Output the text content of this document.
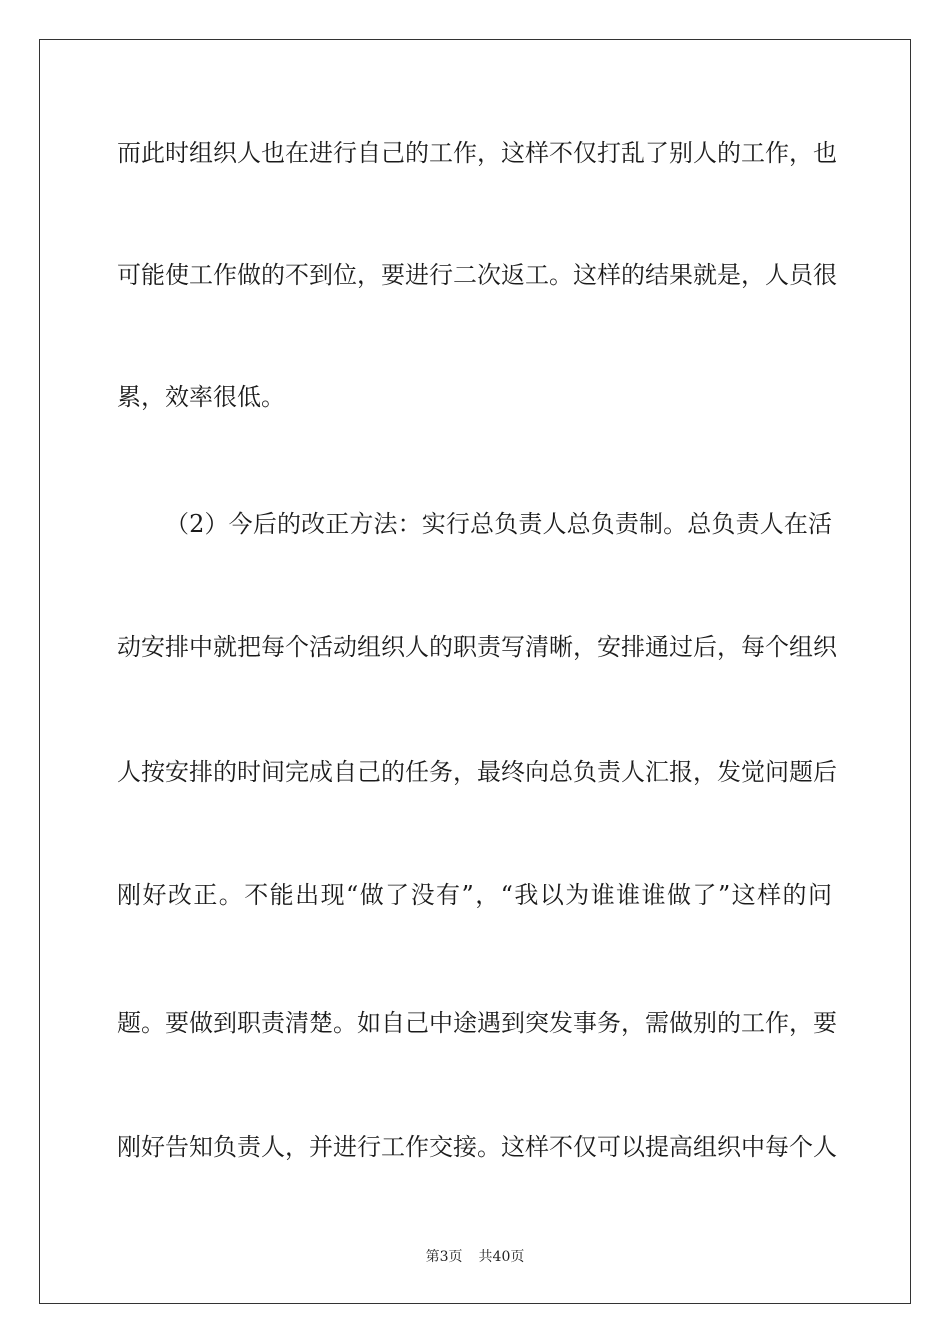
而此时组织人也在进行自己的工作，这样不仅打乱了别人的工作，也
可能使工作做的不到位，要进行二次返工。这样的结果就是，人员很
累，效率很低。
（2）今后的改正方法：实行总负责人总负责制。总负责人在活
动安排中就把每个活动组织人的职责写清晰，安排通过后，每个组织
人按安排的时间完成自己的任务，最终向总负责人汇报，发觉问题后
刚好改正。不能出现“做了没有”，“我以为谁谁谁做了”这样的问
题。要做到职责清楚。如自己中途遇到突发事务，需做别的工作，要
刚好告知负责人，并进行工作交接。这样不仅可以提高组织中每个人
第3页 共40页
